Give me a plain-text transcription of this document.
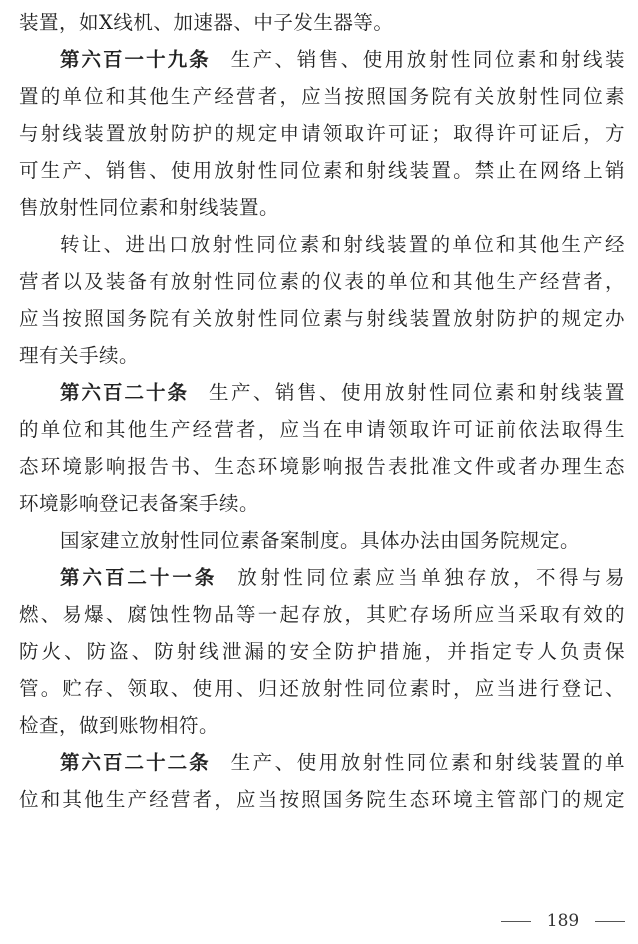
装置，如X线机、加速器、中子发生器等。
第六百一十九条 生产、销售、使用放射性同位素和射线装
置的单位和其他生产经营者，应当按照国务院有关放射性同位素
与射线装置放射防护的规定申请领取许可证；取得许可证后，方
可生产、销售、使用放射性同位素和射线装置。禁止在网络上销
售放射性同位素和射线装置。
转让、进出口放射性同位素和射线装置的单位和其他生产经
营者以及装备有放射性同位素的仪表的单位和其他生产经营者，
应当按照国务院有关放射性同位素与射线装置放射防护的规定办
理有关手续。
第六百二十条 生产、销售、使用放射性同位素和射线装置
的单位和其他生产经营者，应当在申请领取许可证前依法取得生
态环境影响报告书、生态环境影响报告表批准文件或者办理生态
环境影响登记表备案手续。
国家建立放射性同位素备案制度。具体办法由国务院规定。
第六百二十一条 放射性同位素应当单独存放，不得与易
燃、易爆、腐蚀性物品等一起存放，其贮存场所应当采取有效的
防火、防盗、防射线泄漏的安全防护措施，并指定专人负责保
管。贮存、领取、使用、归还放射性同位素时，应当进行登记、
检查，做到账物相符。
第六百二十二条 生产、使用放射性同位素和射线装置的单
位和其他生产经营者，应当按照国务院生态环境主管部门的规定
189
